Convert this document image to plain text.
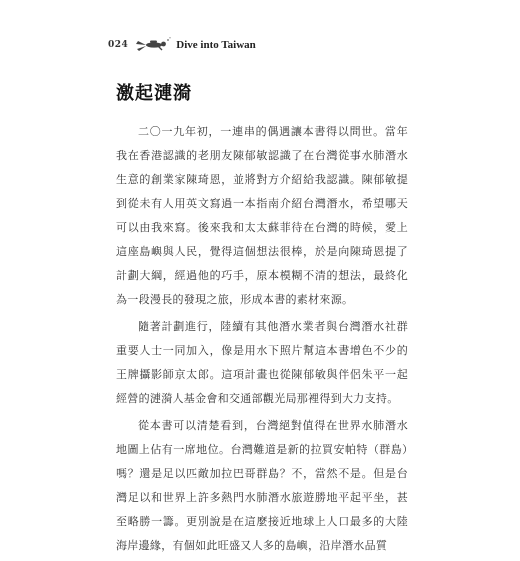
024	Dive into Taiwan
激起漣漪

二〇一九年初，一連串的偶遇讓本書得以問世。當年我在香港認識的老朋友陳郁敏認識了在台灣從事水肺潛水生意的創業家陳琦恩，並將對方介紹給我認識。陳郁敏提到從未有人用英文寫過一本指南介紹台灣潛水，希望哪天可以由我來寫。後來我和太太蘇菲待在台灣的時候，愛上這座島嶼與人民，覺得這個想法很棒，於是向陳琦恩提了計劃大綱，經過他的巧手，原本模糊不清的想法，最終化為一段漫長的發現之旅，形成本書的素材來源。

隨著計劃進行，陸續有其他潛水業者與台灣潛水社群重要人士一同加入，像是用水下照片幫這本書增色不少的王牌攝影師京太郎。這項計畫也從陳郁敏與伴侶朱平一起經營的漣漪人基金會和交通部觀光局那裡得到大力支持。

從本書可以清楚看到，台灣絕對值得在世界水肺潛水地圖上佔有一席地位。台灣難道是新的拉買安帕特（群島）嗎？還是足以匹敵加拉巴哥群島？不，當然不是。但是台灣足以和世界上許多熱門水肺潛水旅遊勝地平起平坐，甚至略勝一籌。更別說是在這麼接近地球上人口最多的大陸海岸邊緣，有個如此旺盛又人多的島嶼，沿岸潛水品質
